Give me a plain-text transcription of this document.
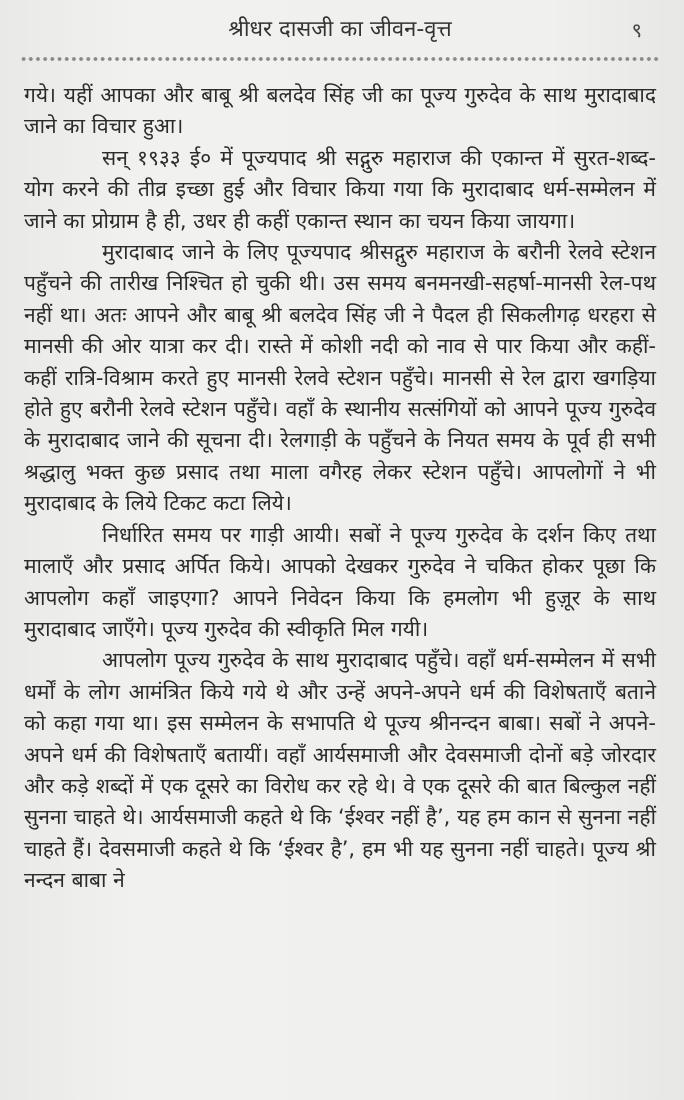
श्रीधर दासजी का जीवन-वृत्त	९

गये। यहीं आपका और बाबू श्री बलदेव सिंह जी का पूज्य गुरुदेव के साथ मुरादाबाद जाने का विचार हुआ।

सन् १९३३ ई० में पूज्यपाद श्री सद्गुरु महाराज की एकान्त में सुरत-शब्द-योग करने की तीव्र इच्छा हुई और विचार किया गया कि मुरादाबाद धर्म-सम्मेलन में जाने का प्रोग्राम है ही, उधर ही कहीं एकान्त स्थान का चयन किया जायगा।

मुरादाबाद जाने के लिए पूज्यपाद श्रीसद्गुरु महाराज के बरौनी रेलवे स्टेशन पहुँचने की तारीख निश्चित हो चुकी थी। उस समय बनमनखी-सहर्षा-मानसी रेल-पथ नहीं था। अतः आपने और बाबू श्री बलदेव सिंह जी ने पैदल ही सिकलीगढ़ धरहरा से मानसी की ओर यात्रा कर दी। रास्ते में कोशी नदी को नाव से पार किया और कहीं-कहीं रात्रि-विश्राम करते हुए मानसी रेलवे स्टेशन पहुँचे। मानसी से रेल द्वारा खगड़िया होते हुए बरौनी रेलवे स्टेशन पहुँचे। वहाँ के स्थानीय सत्संगियों को आपने पूज्य गुरुदेव के मुरादाबाद जाने की सूचना दी। रेलगाड़ी के पहुँचने के नियत समय के पूर्व ही सभी श्रद्धालु भक्त कुछ प्रसाद तथा माला वगैरह लेकर स्टेशन पहुँचे। आपलोगों ने भी मुरादाबाद के लिये टिकट कटा लिये।

निर्धारित समय पर गाड़ी आयी। सबों ने पूज्य गुरुदेव के दर्शन किए तथा मालाएँ और प्रसाद अर्पित किये। आपको देखकर गुरुदेव ने चकित होकर पूछा कि आपलोग कहाँ जाइएगा? आपने निवेदन किया कि हमलोग भी हुज़ूर के साथ मुरादाबाद जाएँगे। पूज्य गुरुदेव की स्वीकृति मिल गयी।

आपलोग पूज्य गुरुदेव के साथ मुरादाबाद पहुँचे। वहाँ धर्म-सम्मेलन में सभी धर्मों के लोग आमंत्रित किये गये थे और उन्हें अपने-अपने धर्म की विशेषताएँ बताने को कहा गया था। इस सम्मेलन के सभापति थे पूज्य श्रीनन्दन बाबा। सबों ने अपने-अपने धर्म की विशेषताएँ बतायीं। वहाँ आर्यसमाजी और देवसमाजी दोनों बड़े जोरदार और कड़े शब्दों में एक दूसरे का विरोध कर रहे थे। वे एक दूसरे की बात बिल्कुल नहीं सुनना चाहते थे। आर्यसमाजी कहते थे कि ‘ईश्वर नहीं है’, यह हम कान से सुनना नहीं चाहते हैं। देवसमाजी कहते थे कि ‘ईश्वर है’, हम भी यह सुनना नहीं चाहते। पूज्य श्री नन्दन बाबा ने
